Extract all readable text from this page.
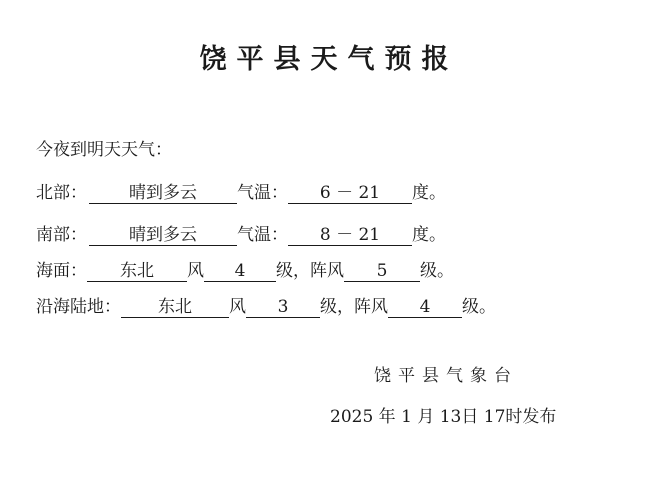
饶平县天气预报
今夜到明天天气：
北部： 晴到多云 气温： 6 － 21 度。
南部： 晴到多云 气温： 8 － 21 度。
海面： 东北 风 4 级，阵风 5 级。
沿海陆地： 东北 风 3 级，阵风 4 级。
饶平县气象台
2025 年 1 月 13日 17时发布
